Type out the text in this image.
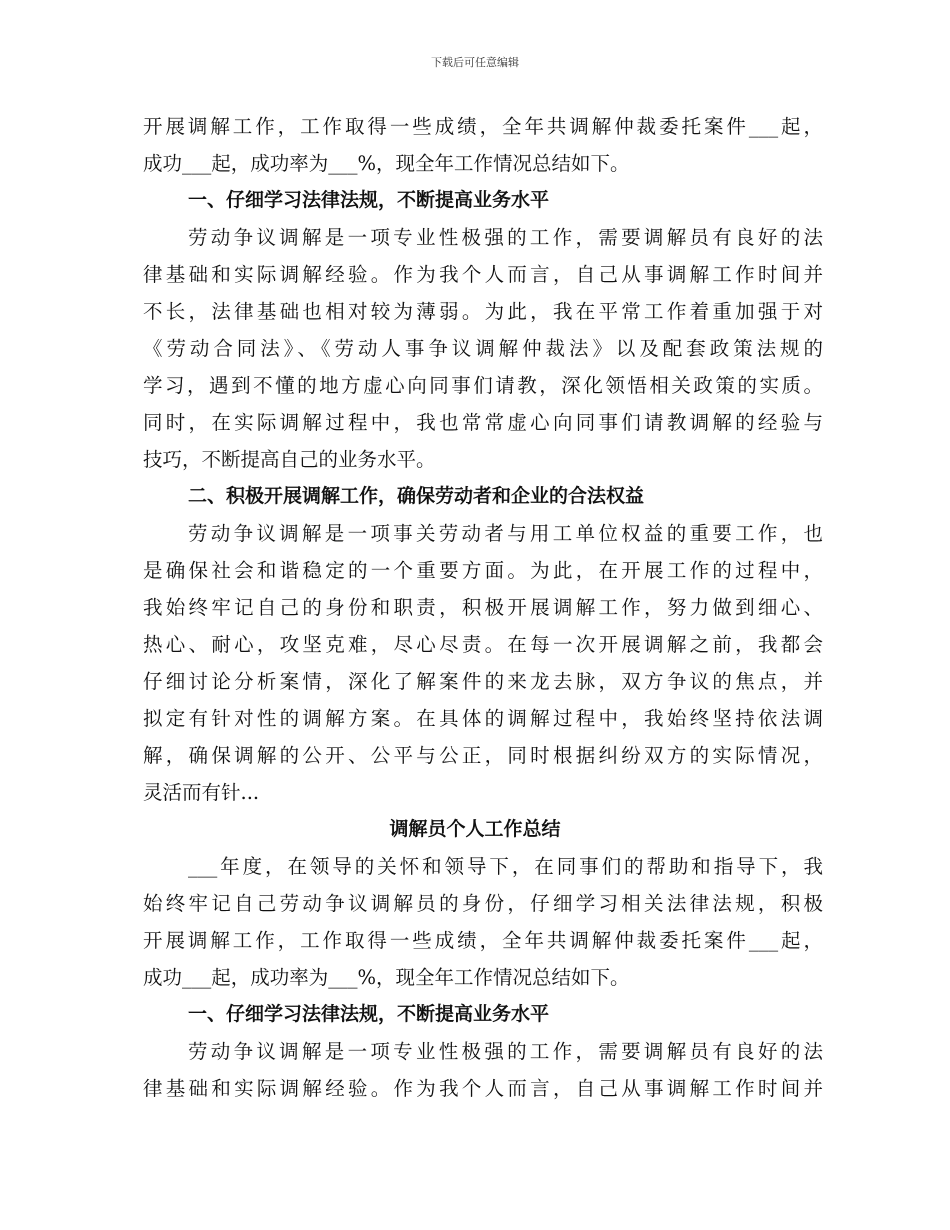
下载后可任意编辑
开展调解工作，工作取得一些成绩，全年共调解仲裁委托案件___起，
成功___起，成功率为___%，现全年工作情况总结如下。
一、仔细学习法律法规，不断提高业务水平
劳动争议调解是一项专业性极强的工作，需要调解员有良好的法
律基础和实际调解经验。作为我个人而言，自己从事调解工作时间并
不长，法律基础也相对较为薄弱。为此，我在平常工作着重加强于对
《劳动合同法》、《劳动人事争议调解仲裁法》以及配套政策法规的
学习，遇到不懂的地方虚心向同事们请教，深化领悟相关政策的实质。
同时，在实际调解过程中，我也常常虚心向同事们请教调解的经验与
技巧，不断提高自己的业务水平。
二、积极开展调解工作，确保劳动者和企业的合法权益
劳动争议调解是一项事关劳动者与用工单位权益的重要工作，也
是确保社会和谐稳定的一个重要方面。为此，在开展工作的过程中，
我始终牢记自己的身份和职责，积极开展调解工作，努力做到细心、
热心、耐心，攻坚克难，尽心尽责。在每一次开展调解之前，我都会
仔细讨论分析案情，深化了解案件的来龙去脉，双方争议的焦点，并
拟定有针对性的调解方案。在具体的调解过程中，我始终坚持依法调
解，确保调解的公开、公平与公正，同时根据纠纷双方的实际情况，
灵活而有针...
调解员个人工作总结
___年度，在领导的关怀和领导下，在同事们的帮助和指导下，我
始终牢记自己劳动争议调解员的身份，仔细学习相关法律法规，积极
开展调解工作，工作取得一些成绩，全年共调解仲裁委托案件___起，
成功___起，成功率为___%，现全年工作情况总结如下。
一、仔细学习法律法规，不断提高业务水平
劳动争议调解是一项专业性极强的工作，需要调解员有良好的法
律基础和实际调解经验。作为我个人而言，自己从事调解工作时间并
